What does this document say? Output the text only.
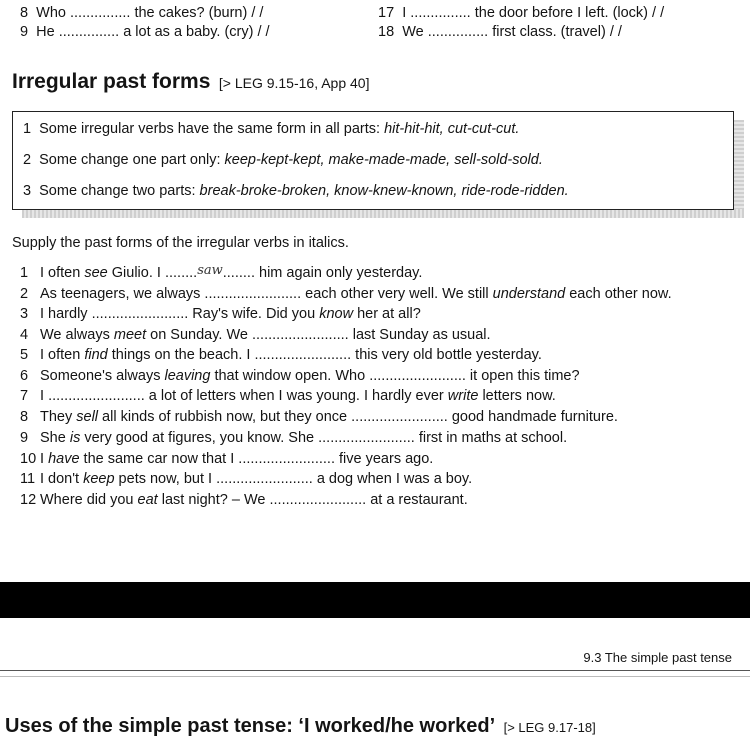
8 Who ............... the cakes? (burn) / /
9 He ............... a lot as a baby. (cry) / /
17 I ............... the door before I left. (lock) / /
18 We ............... first class. (travel) / /
Irregular past forms [> LEG 9.15-16, App 40]
1 Some irregular verbs have the same form in all parts: hit-hit-hit, cut-cut-cut.
2 Some change one part only: keep-kept-kept, make-made-made, sell-sold-sold.
3 Some change two parts: break-broke-broken, know-knew-known, ride-rode-ridden.
Supply the past forms of the irregular verbs in italics.
1 I often see Giulio. I ........saw........ him again only yesterday.
2 As teenagers, we always ........................ each other very well. We still understand each other now.
3 I hardly ........................ Ray's wife. Did you know her at all?
4 We always meet on Sunday. We ........................ last Sunday as usual.
5 I often find things on the beach. I ........................ this very old bottle yesterday.
6 Someone's always leaving that window open. Who ........................ it open this time?
7 I ........................ a lot of letters when I was young. I hardly ever write letters now.
8 They sell all kinds of rubbish now, but they once ........................ good handmade furniture.
9 She is very good at figures, you know. She ........................ first in maths at school.
10 I have the same car now that I ........................ five years ago.
11 I don't keep pets now, but I ........................ a dog when I was a boy.
12 Where did you eat last night? – We ........................ at a restaurant.
9.3 The simple past tense
Uses of the simple past tense: ‘I worked/he worked’ [> LEG 9.17-18]
